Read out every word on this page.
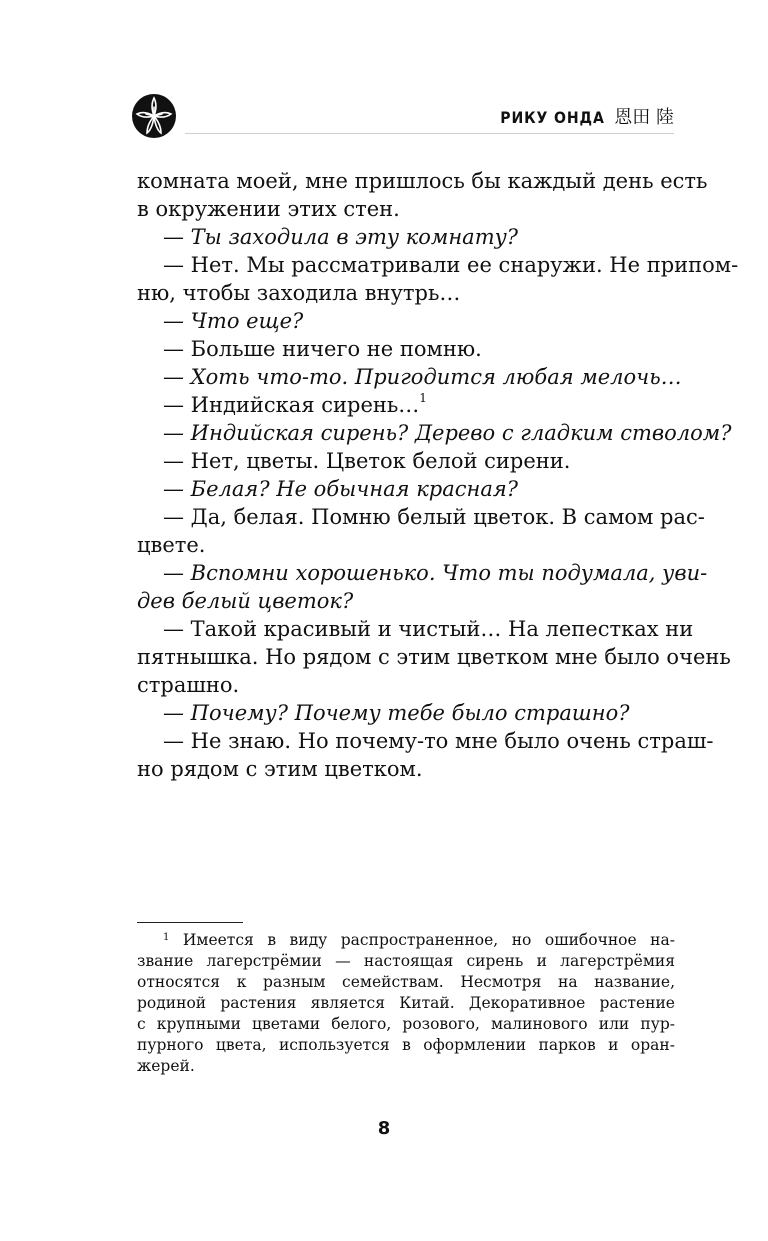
РИКУ ОНДА 恩田 陸
комната моей, мне пришлось бы каждый день есть
в окружении этих стен.
— Ты заходила в эту комнату?
— Нет. Мы рассматривали ее снаружи. Не припом-
ню, чтобы заходила внутрь…
— Что еще?
— Больше ничего не помню.
— Хоть что-то. Пригодится любая мелочь…
— Индийская сирень…$^1$
— Индийская сирень? Дерево с гладким стволом?
— Нет, цветы. Цветок белой сирени.
— Белая? Не обычная красная?
— Да, белая. Помню белый цветок. В самом рас-
цвете.
— Вспомни хорошенько. Что ты подумала, уви-
дев белый цветок?
— Такой красивый и чистый… На лепестках ни
пятнышка. Но рядом с этим цветком мне было очень
страшно.
— Почему? Почему тебе было страшно?
— Не знаю. Но почему-то мне было очень страш-
но рядом с этим цветком.
$^1$ Имеется в виду распространенное, но ошибочное на-
звание лагерстрёмии — настоящая сирень и лагерстрёмия
относятся к разным семействам. Несмотря на название,
родиной растения является Китай. Декоративное растение
с крупными цветами белого, розового, малинового или пур-
пурного цвета, используется в оформлении парков и оран-
жерей.
8
